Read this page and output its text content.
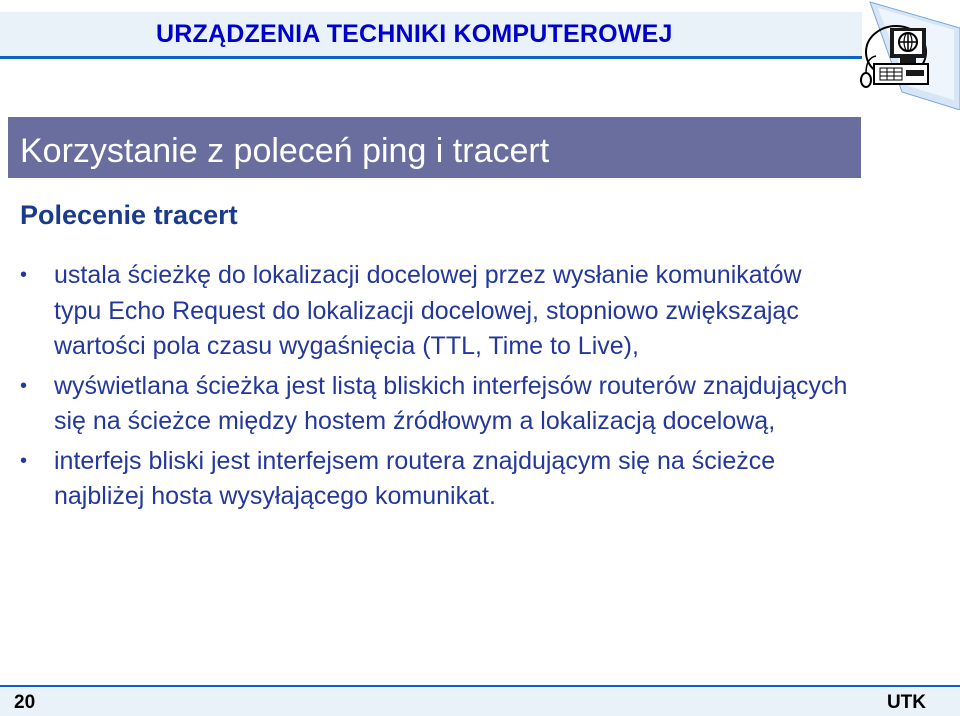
URZĄDZENIA TECHNIKI KOMPUTEROWEJ
Korzystanie z poleceń ping i tracert
Polecenie tracert
• ustala ścieżkę do lokalizacji docelowej przez wysłanie komunikatów typu Echo Request do lokalizacji docelowej, stopniowo zwiększając wartości pola czasu wygaśnięcia (TTL, Time to Live),
• wyświetlana ścieżka jest listą bliskich interfejsów routerów znajdujących się na ścieżce między hostem źródłowym a lokalizacją docelową,
• interfejs bliski jest interfejsem routera znajdującym się na ścieżce najbliżej hosta wysyłającego komunikat.
20	UTK
